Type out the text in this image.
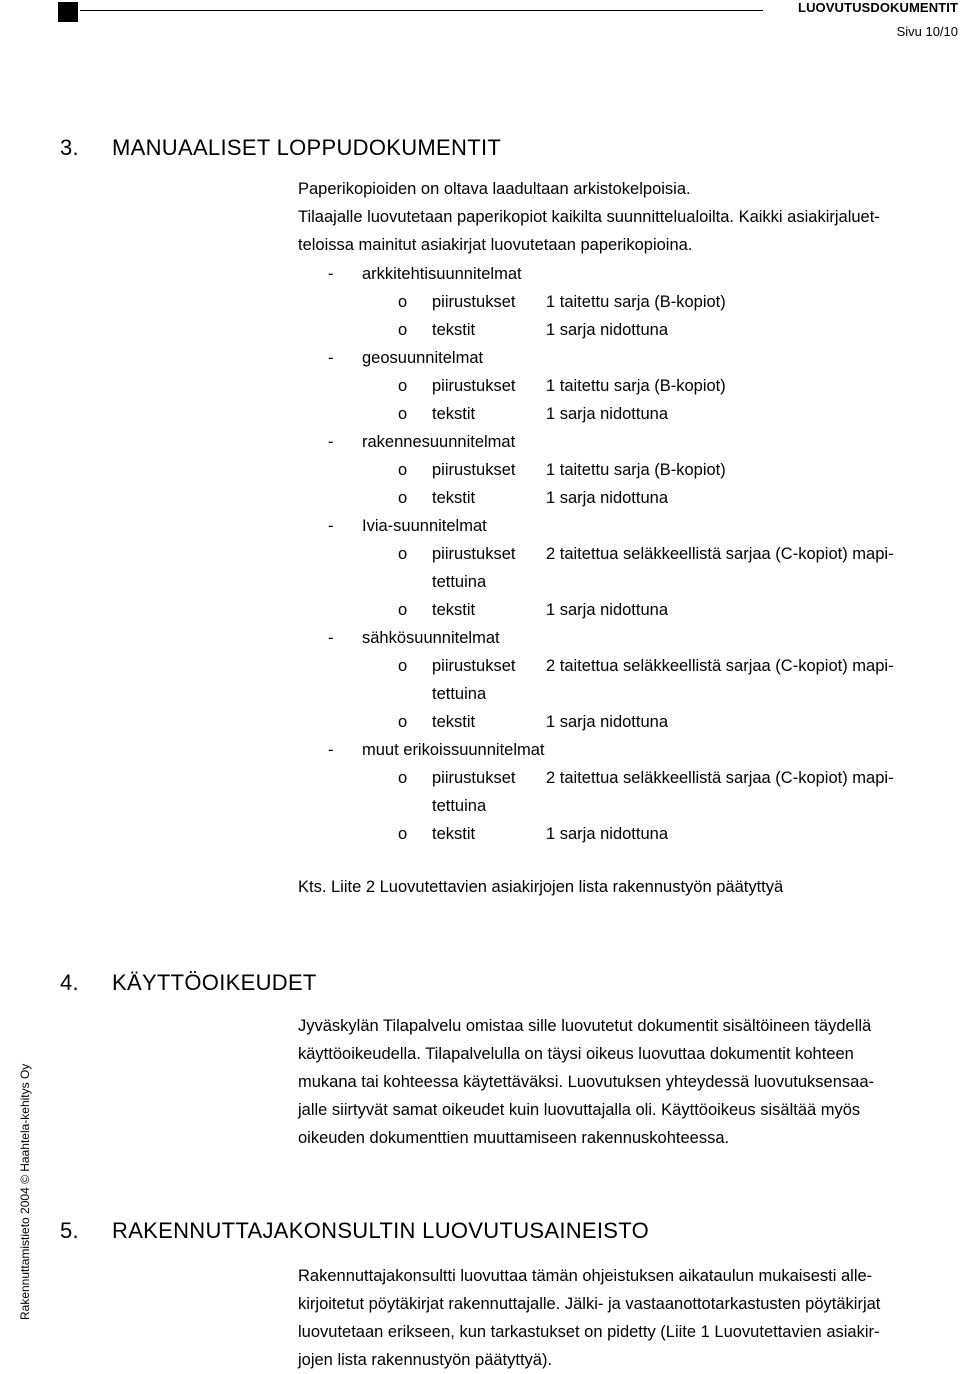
LUOVUTUSDOKUMENTIT
Sivu 10/10
Rakennuttamistieto 2004 © Haahtela-kehitys Oy
3. MANUAALISET LOPPUDOKUMENTIT
Paperikopioiden on oltava laadultaan arkistokelpoisia.
Tilaajalle luovutetaan paperikopiot kaikilta suunnittelualoilta. Kaikki asiakirjaluet-
teloissa mainitut asiakirjat luovutetaan paperikopioina.
- arkkitehtisuunnitelmat
o piirustukset 1 taitettu sarja (B-kopiot)
o tekstit	1 sarja nidottuna
- geosuunnitelmat
o piirustukset 1 taitettu sarja (B-kopiot)
o tekstit	1 sarja nidottuna
- rakennesuunnitelmat
o piirustukset 1 taitettu sarja (B-kopiot)
o tekstit	1 sarja nidottuna
- Ivia-suunnitelmat
o piirustukset 2 taitettua seläkkeellistä sarjaa (C-kopiot) mapi-
tettuina
o tekstit	1 sarja nidottuna
- sähkösuunnitelmat
o piirustukset 2 taitettua seläkkeellistä sarjaa (C-kopiot) mapi-
tettuina
o tekstit	1 sarja nidottuna
- muut erikoissuunnitelmat
o piirustukset 2 taitettua seläkkeellistä sarjaa (C-kopiot) mapi-
tettuina
o tekstit	1 sarja nidottuna
Kts. Liite 2 Luovutettavien asiakirjojen lista rakennustyön päätyttyä
4. KÄYTTÖOIKEUDET
Jyväskylän Tilapalvelu omistaa sille luovutetut dokumentit sisältöineen täydellä
käyttöoikeudella. Tilapalvelulla on täysi oikeus luovuttaa dokumentit kohteen
mukana tai kohteessa käytettäväksi. Luovutuksen yhteydessä luovutuksensaa-
jalle siirtyvät samat oikeudet kuin luovuttajalla oli. Käyttöoikeus sisältää myös
oikeuden dokumenttien muuttamiseen rakennuskohteessa.
5. RAKENNUTTAJAKONSULTIN LUOVUTUSAINEISTO
Rakennuttajakonsultti luovuttaa tämän ohjeistuksen aikataulun mukaisesti alle-
kirjoitetut pöytäkirjat rakennuttajalle. Jälki- ja vastaanottotarkastusten pöytäkirjat
luovutetaan erikseen, kun tarkastukset on pidetty (Liite 1 Luovutettavien asiakir-
jojen lista rakennustyön päätyttyä).
